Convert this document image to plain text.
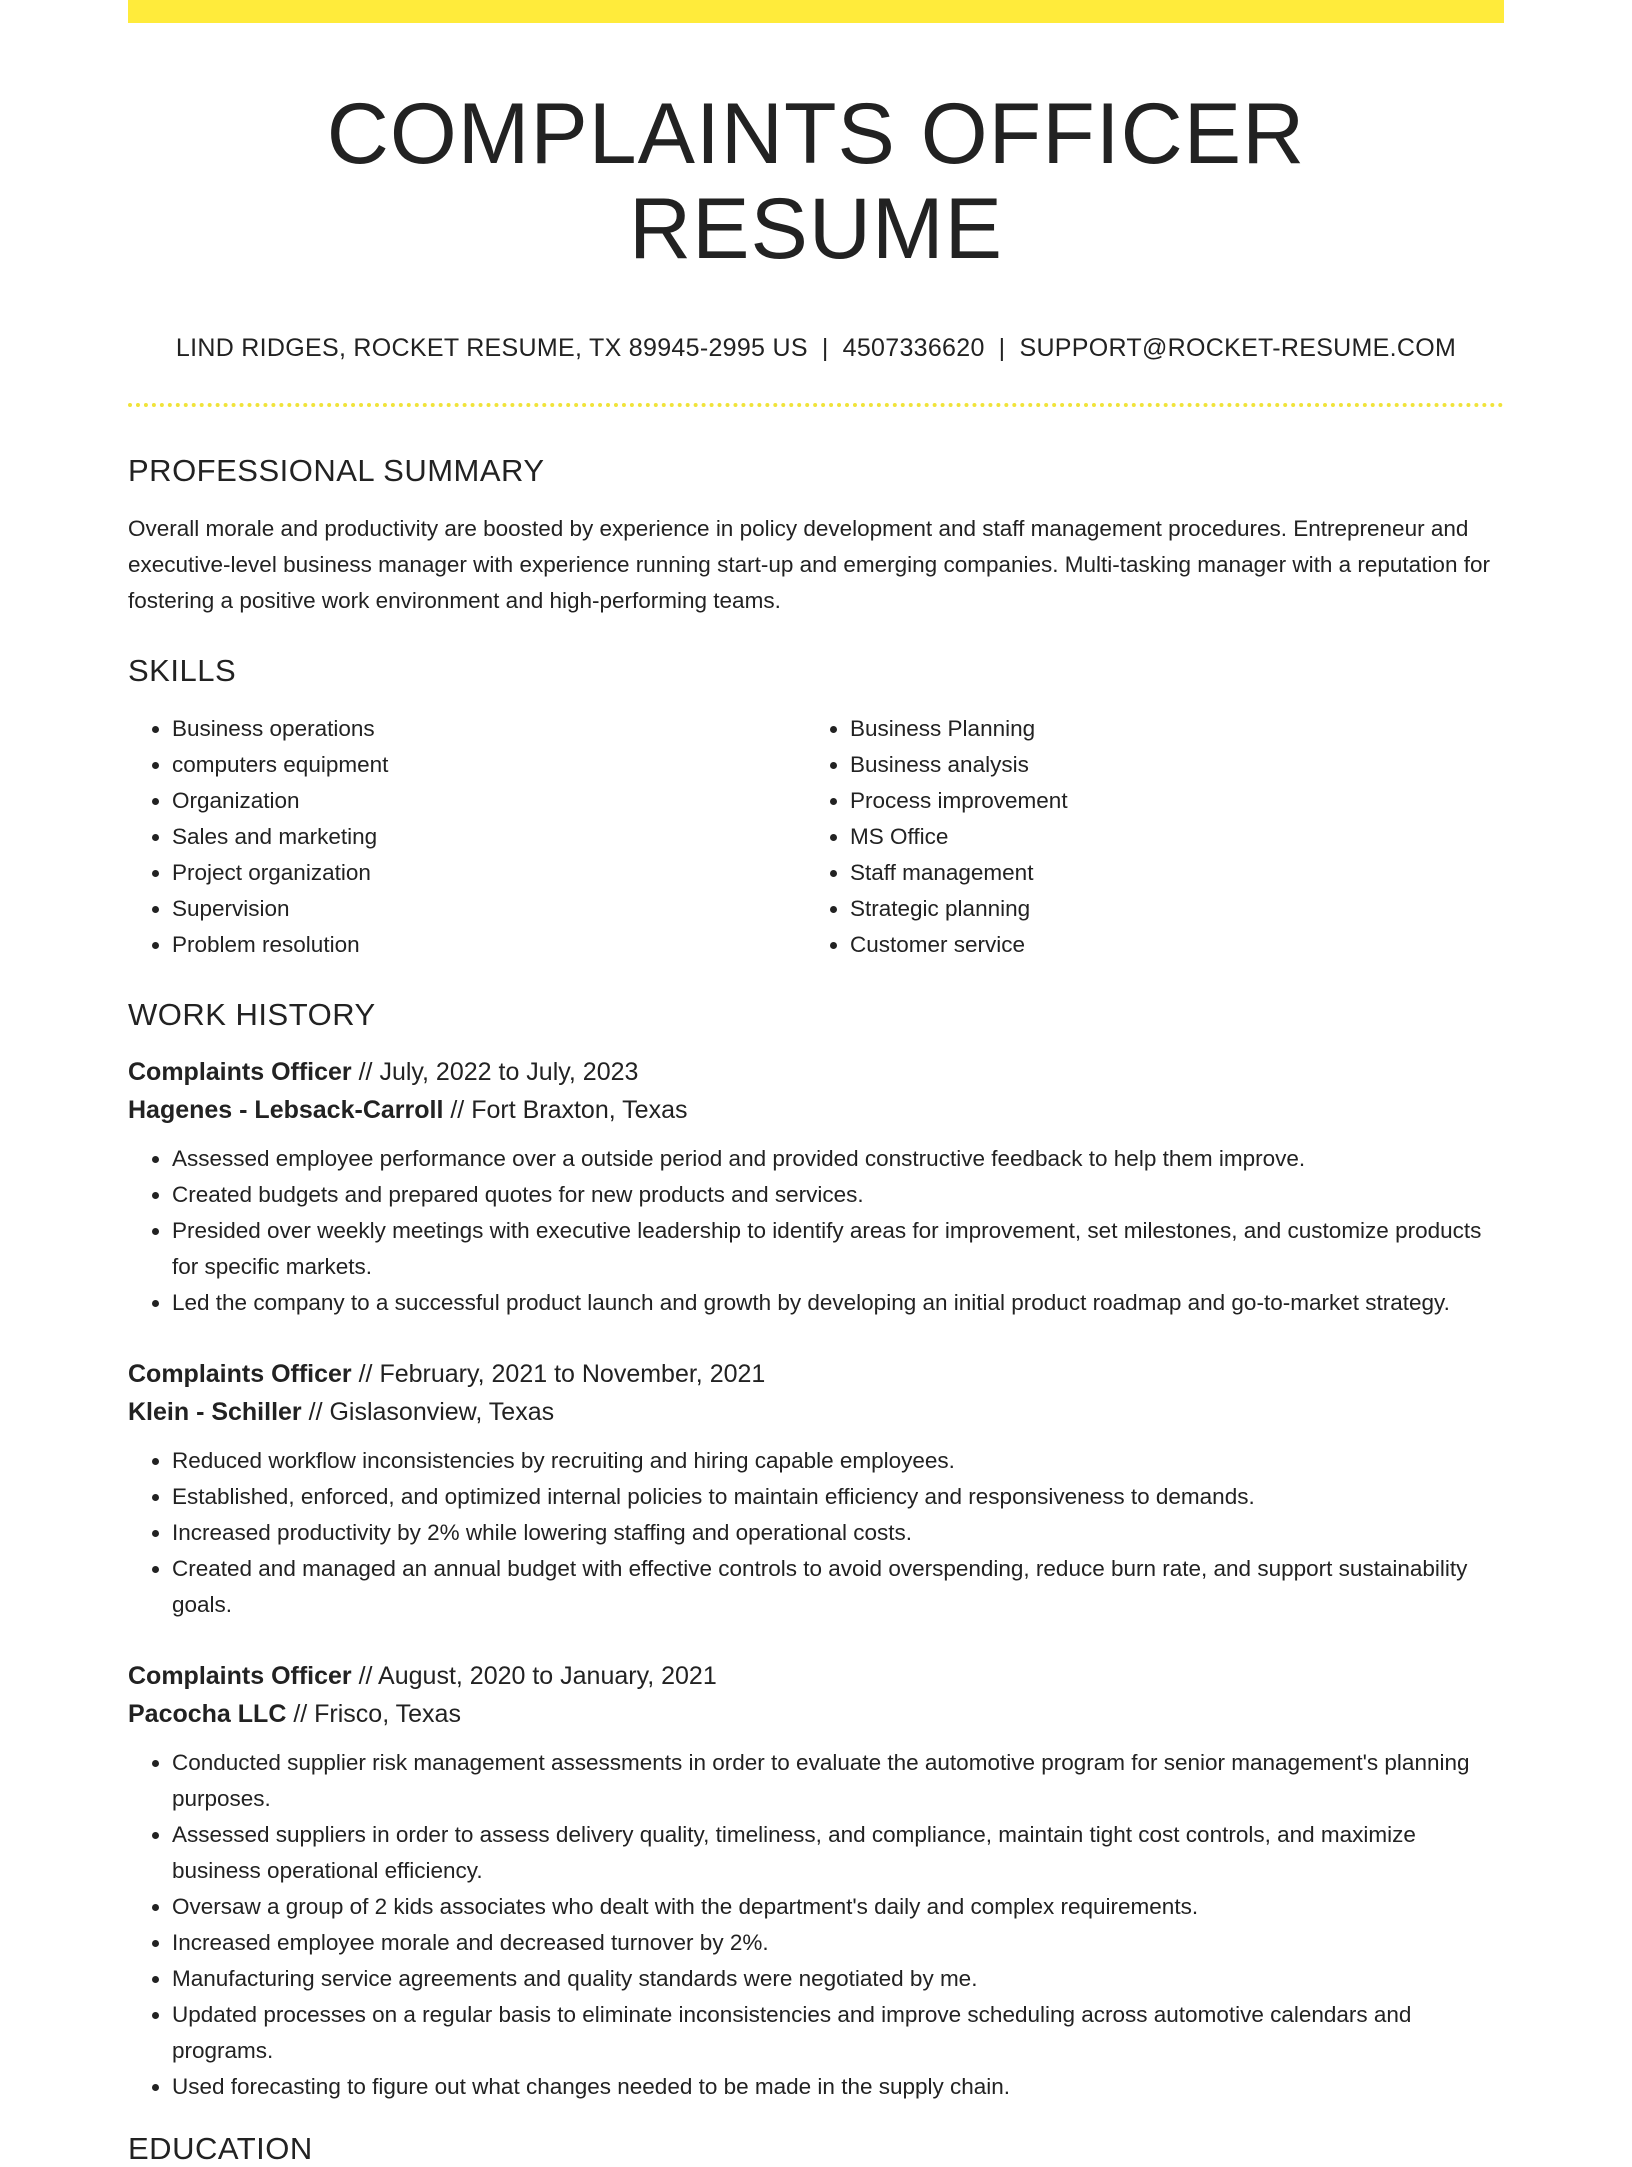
COMPLAINTS OFFICER RESUME
LIND RIDGES, ROCKET RESUME, TX 89945-2995 US | 4507336620 | SUPPORT@ROCKET-RESUME.COM
PROFESSIONAL SUMMARY
Overall morale and productivity are boosted by experience in policy development and staff management procedures. Entrepreneur and executive-level business manager with experience running start-up and emerging companies. Multi-tasking manager with a reputation for fostering a positive work environment and high-performing teams.
SKILLS
• Business operations
• computers equipment
• Organization
• Sales and marketing
• Project organization
• Supervision
• Problem resolution
• Business Planning
• Business analysis
• Process improvement
• MS Office
• Staff management
• Strategic planning
• Customer service
WORK HISTORY
Complaints Officer // July, 2022 to July, 2023
Hagenes - Lebsack-Carroll // Fort Braxton, Texas
• Assessed employee performance over a outside period and provided constructive feedback to help them improve.
• Created budgets and prepared quotes for new products and services.
• Presided over weekly meetings with executive leadership to identify areas for improvement, set milestones, and customize products for specific markets.
• Led the company to a successful product launch and growth by developing an initial product roadmap and go-to-market strategy.
Complaints Officer // February, 2021 to November, 2021
Klein - Schiller // Gislasonview, Texas
• Reduced workflow inconsistencies by recruiting and hiring capable employees.
• Established, enforced, and optimized internal policies to maintain efficiency and responsiveness to demands.
• Increased productivity by 2% while lowering staffing and operational costs.
• Created and managed an annual budget with effective controls to avoid overspending, reduce burn rate, and support sustainability goals.
Complaints Officer // August, 2020 to January, 2021
Pacocha LLC // Frisco, Texas
• Conducted supplier risk management assessments in order to evaluate the automotive program for senior management's planning purposes.
• Assessed suppliers in order to assess delivery quality, timeliness, and compliance, maintain tight cost controls, and maximize business operational efficiency.
• Oversaw a group of 2 kids associates who dealt with the department's daily and complex requirements.
• Increased employee morale and decreased turnover by 2%.
• Manufacturing service agreements and quality standards were negotiated by me.
• Updated processes on a regular basis to eliminate inconsistencies and improve scheduling across automotive calendars and programs.
• Used forecasting to figure out what changes needed to be made in the supply chain.
EDUCATION
